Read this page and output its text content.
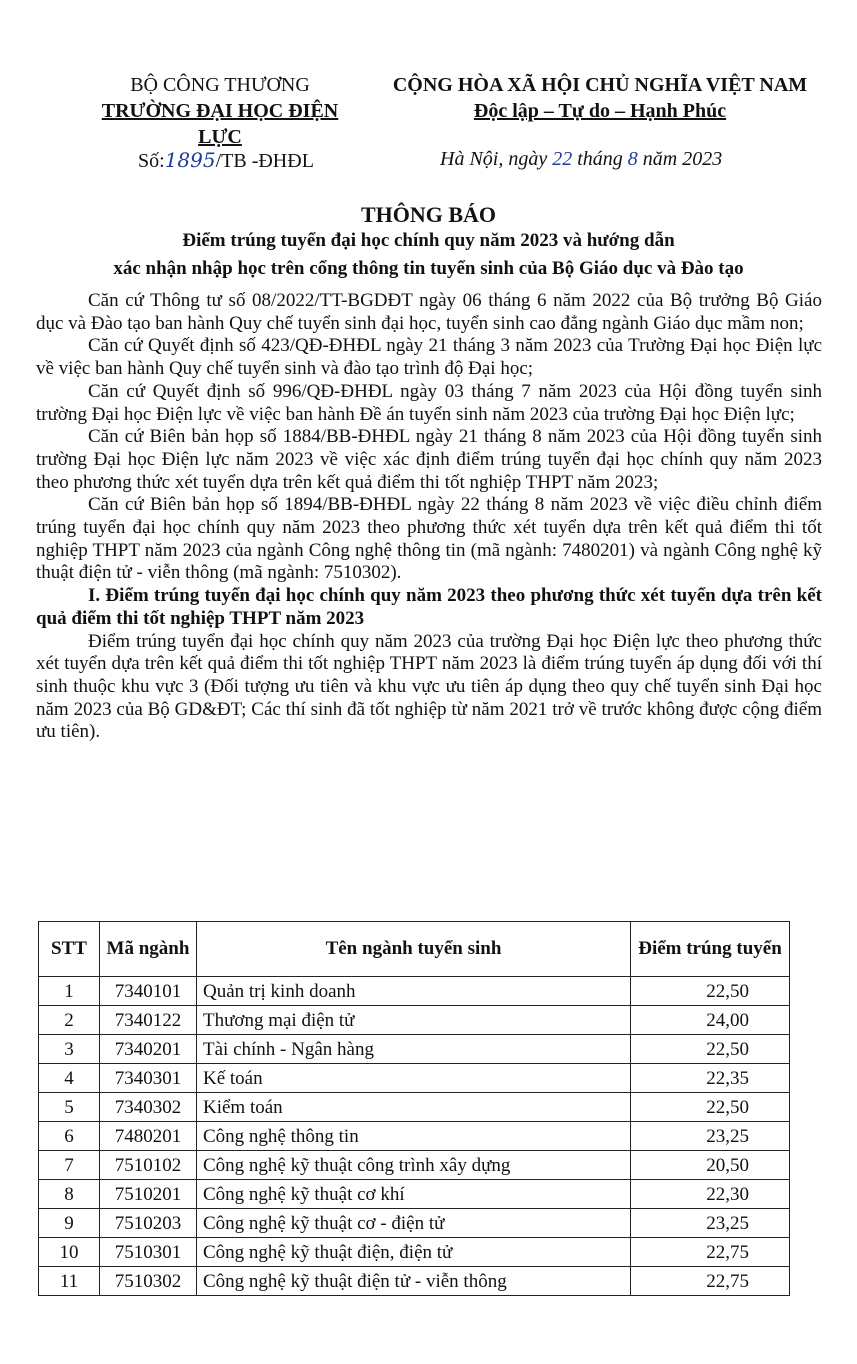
BỘ CÔNG THƯƠNG
TRƯỜNG ĐẠI HỌC ĐIỆN LỰC
CỘNG HÒA XÃ HỘI CHỦ NGHĨA VIỆT NAM
Độc lập – Tự do – Hạnh Phúc
Số:1895/TB -ĐHĐL	Hà Nội, ngày 22 tháng 8 năm 2023
THÔNG BÁO
Điểm trúng tuyển đại học chính quy năm 2023 và hướng dẫn
xác nhận nhập học trên cổng thông tin tuyển sinh của Bộ Giáo dục và Đào tạo

Căn cứ Thông tư số 08/2022/TT-BGDĐT ngày 06 tháng 6 năm 2022 của Bộ trưởng Bộ Giáo dục và Đào tạo ban hành Quy chế tuyển sinh đại học, tuyển sinh cao đẳng ngành Giáo dục mầm non;

Căn cứ Quyết định số 423/QĐ-ĐHĐL ngày 21 tháng 3 năm 2023 của Trường Đại học Điện lực về việc ban hành Quy chế tuyển sinh và đào tạo trình độ Đại học;

Căn cứ Quyết định số 996/QĐ-ĐHĐL ngày 03 tháng 7 năm 2023 của Hội đồng tuyển sinh trường Đại học Điện lực về việc ban hành Đề án tuyển sinh năm 2023 của trường Đại học Điện lực;

Căn cứ Biên bản họp số 1884/BB-ĐHĐL ngày 21 tháng 8 năm 2023 của Hội đồng tuyển sinh trường Đại học Điện lực năm 2023 về việc xác định điểm trúng tuyển đại học chính quy năm 2023 theo phương thức xét tuyển dựa trên kết quả điểm thi tốt nghiệp THPT năm 2023;

Căn cứ Biên bản họp số 1894/BB-ĐHĐL ngày 22 tháng 8 năm 2023 về việc điều chỉnh điểm trúng tuyển đại học chính quy năm 2023 theo phương thức xét tuyển dựa trên kết quả điểm thi tốt nghiệp THPT năm 2023 của ngành Công nghệ thông tin (mã ngành: 7480201) và ngành Công nghệ kỹ thuật điện tử - viễn thông (mã ngành: 7510302).

I. Điểm trúng tuyển đại học chính quy năm 2023 theo phương thức xét tuyển dựa trên kết quả điểm thi tốt nghiệp THPT năm 2023

Điểm trúng tuyển đại học chính quy năm 2023 của trường Đại học Điện lực theo phương thức xét tuyển dựa trên kết quả điểm thi tốt nghiệp THPT năm 2023 là điểm trúng tuyển áp dụng đối với thí sinh thuộc khu vực 3 (Đối tượng ưu tiên và khu vực ưu tiên áp dụng theo quy chế tuyển sinh Đại học năm 2023 của Bộ GD&ĐT; Các thí sinh đã tốt nghiệp từ năm 2021 trở về trước không được cộng điểm ưu tiên).

STT	Mã ngành	Tên ngành tuyển sinh	Điểm trúng tuyển
1	7340101	Quản trị kinh doanh	22,50
2	7340122	Thương mại điện tử	24,00
3	7340201	Tài chính - Ngân hàng	22,50
4	7340301	Kế toán	22,35
5	7340302	Kiểm toán	22,50
6	7480201	Công nghệ thông tin	23,25
7	7510102	Công nghệ kỹ thuật công trình xây dựng	20,50
8	7510201	Công nghệ kỹ thuật cơ khí	22,30
9	7510203	Công nghệ kỹ thuật cơ - điện tử	23,25
10	7510301	Công nghệ kỹ thuật điện, điện tử	22,75
11	7510302	Công nghệ kỹ thuật điện tử - viễn thông	22,75
